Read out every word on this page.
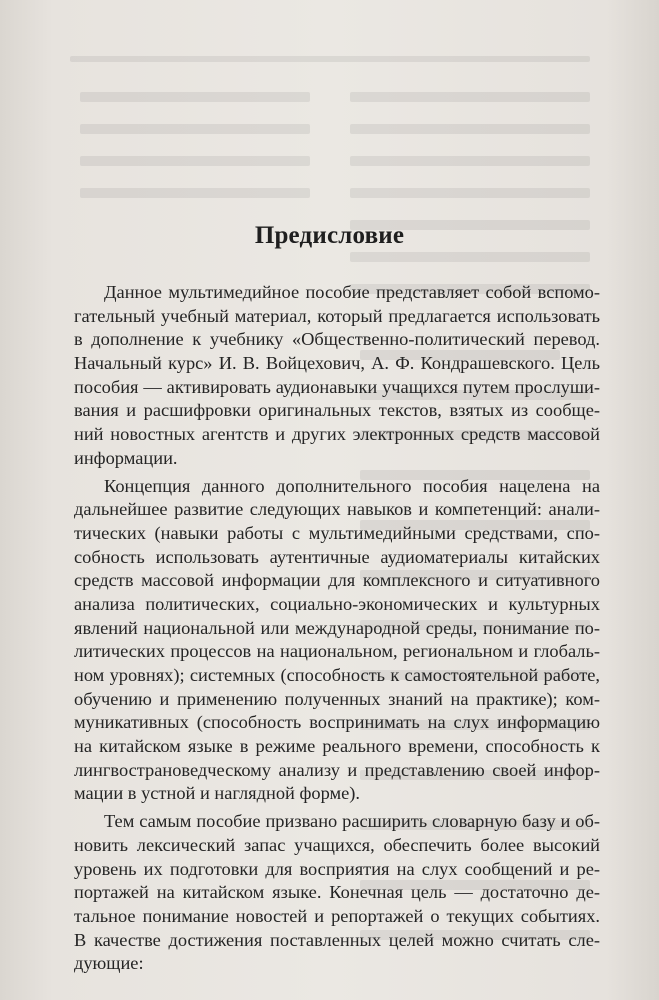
Предисловие
Данное мультимедийное пособие представляет собой вспомо-
гательный учебный материал, который предлагается использовать
в дополнение к учебнику «Общественно-политический перевод.
Начальный курс» И. В. Войцехович, А. Ф. Кондрашевского. Цель
пособия — активировать аудионавыки учащихся путем прослуши-
вания и расшифровки оригинальных текстов, взятых из сообще-
ний новостных агентств и других электронных средств массовой
информации.
Концепция данного дополнительного пособия нацелена на
дальнейшее развитие следующих навыков и компетенций: анали-
тических (навыки работы с мультимедийными средствами, спо-
собность использовать аутентичные аудиоматериалы китайских
средств массовой информации для комплексного и ситуативного
анализа политических, социально-экономических и культурных
явлений национальной или международной среды, понимание по-
литических процессов на национальном, региональном и глобаль-
ном уровнях); системных (способность к самостоятельной работе,
обучению и применению полученных знаний на практике); ком-
муникативных (способность воспринимать на слух информацию
на китайском языке в режиме реального времени, способность к
лингвострановедческому анализу и представлению своей инфор-
мации в устной и наглядной форме).
Тем самым пособие призвано расширить словарную базу и об-
новить лексический запас учащихся, обеспечить более высокий
уровень их подготовки для восприятия на слух сообщений и ре-
портажей на китайском языке. Конечная цель — достаточно де-
тальное понимание новостей и репортажей о текущих событиях.
В качестве достижения поставленных целей можно считать сле-
дующие:
